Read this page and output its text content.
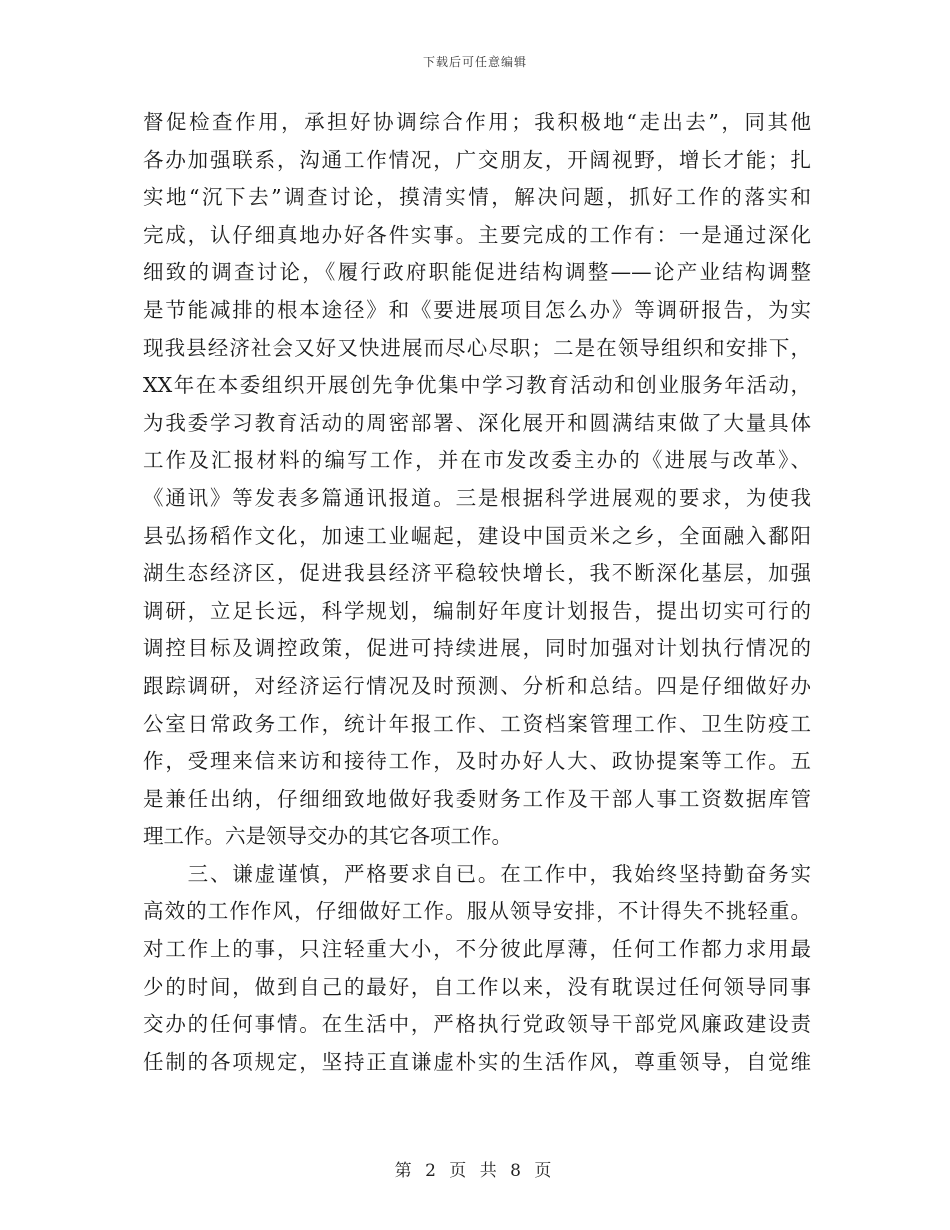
下载后可任意编辑
督促检查作用，承担好协调综合作用；我积极地“走出去”，同其他
各办加强联系，沟通工作情况，广交朋友，开阔视野，增长才能；扎
实地“沉下去”调查讨论，摸清实情，解决问题，抓好工作的落实和
完成，认仔细真地办好各件实事。主要完成的工作有：一是通过深化
细致的调查讨论，《履行政府职能促进结构调整——论产业结构调整
是节能减排的根本途径》和《要进展项目怎么办》等调研报告，为实
现我县经济社会又好又快进展而尽心尽职；二是在领导组织和安排下，
XX年在本委组织开展创先争优集中学习教育活动和创业服务年活动，
为我委学习教育活动的周密部署、深化展开和圆满结束做了大量具体
工作及汇报材料的编写工作，并在市发改委主办的《进展与改革》、
《通讯》等发表多篇通讯报道。三是根据科学进展观的要求，为使我
县弘扬稻作文化，加速工业崛起，建设中国贡米之乡，全面融入鄱阳
湖生态经济区，促进我县经济平稳较快增长，我不断深化基层，加强
调研，立足长远，科学规划，编制好年度计划报告，提出切实可行的
调控目标及调控政策，促进可持续进展，同时加强对计划执行情况的
跟踪调研，对经济运行情况及时预测、分析和总结。四是仔细做好办
公室日常政务工作，统计年报工作、工资档案管理工作、卫生防疫工
作，受理来信来访和接待工作，及时办好人大、政协提案等工作。五
是兼任出纳，仔细细致地做好我委财务工作及干部人事工资数据库管
理工作。六是领导交办的其它各项工作。
　　三、谦虚谨慎，严格要求自已。在工作中，我始终坚持勤奋务实
高效的工作作风，仔细做好工作。服从领导安排，不计得失不挑轻重。
对工作上的事，只注轻重大小，不分彼此厚薄，任何工作都力求用最
少的时间，做到自己的最好，自工作以来，没有耽误过任何领导同事
交办的任何事情。在生活中，严格执行党政领导干部党风廉政建设责
任制的各项规定，坚持正直谦虚朴实的生活作风，尊重领导，自觉维
第 2 页 共 8 页
